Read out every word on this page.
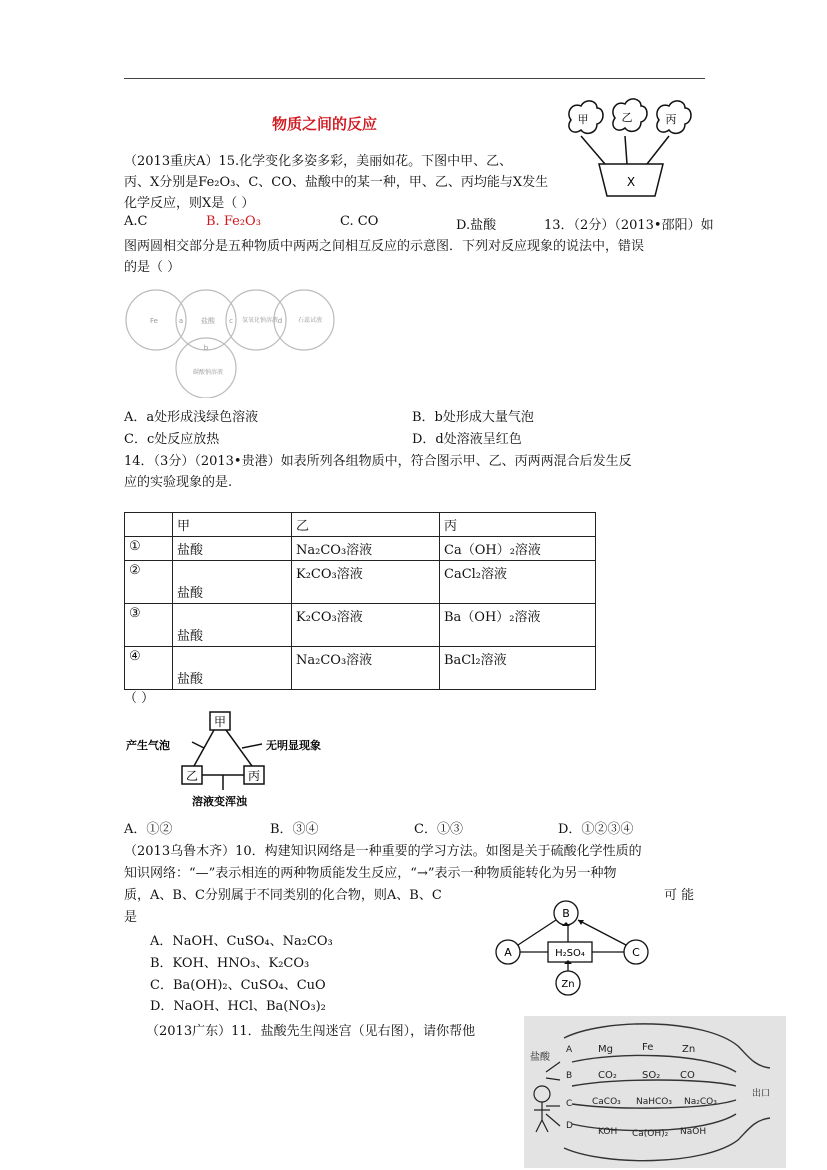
物质之间的反应
（2013重庆A）15.化学变化多姿多彩，美丽如花。下图中甲、乙、
丙、X分别是Fe₂O₃、C、CO、盐酸中的某一种，甲、乙、丙均能与X发生
化学反应，则X是（ ）
A.C	B. Fe₂O₃	C. CO	D.盐酸
甲	乙	丙
X
13．（2分）（2013•邵阳）如
图两圆相交部分是五种物质中两两之间相互反应的示意图．下列对反应现象的说法中，错误
的是（ ）
Fe	盐酸	氢氧化钠溶液	石蕊试液
碳酸钠溶液
a
b
c	d
A．a处形成浅绿色溶液	B．b处形成大量气泡
C．c处反应放热	D．d处溶液呈红色
14．（3分）（2013•贵港）如表所列各组物质中，符合图示甲、乙、丙两两混合后发生反
应的实验现象的是.
	甲	乙	丙
①	盐酸	Na₂CO₃溶液	Ca（OH）₂溶液
②	盐酸	K₂CO₃溶液	CaCl₂溶液
③	盐酸	K₂CO₃溶液	Ba（OH）₂溶液
④	盐酸	Na₂CO₃溶液	BaCl₂溶液
（ ）
甲
乙	丙
产生气泡	无明显现象
溶液变浑浊
A．①②	B．③④	C．①③	D．①②③④
（2013乌鲁木齐）10．构建知识网络是一种重要的学习方法。如图是关于硫酸化学性质的
知识网络：“—”表示相连的两种物质能发生反应，“→”表示一种物质能转化为另一种物
质，A、B、C分别属于不同类别的化合物，则A、B、C	可 能
是
A．NaOH、CuSO₄、Na₂CO₃
B．KOH、HNO₃、K₂CO₃
C．Ba(OH)₂、CuSO₄、CuO
D．NaOH、HCl、Ba(NO₃)₂
B
A	C
H₂SO₄
Zn
（2013广东）11．盐酸先生闯迷宫（见右图），请你帮他
盐酸
A
B
C
D
Mg	Fe	Zn
CO₂	SO₂ CO
CaCO₃ NaHCO₃ Na₂CO₃
KOH Ca(OH)₂ NaOH
出口
